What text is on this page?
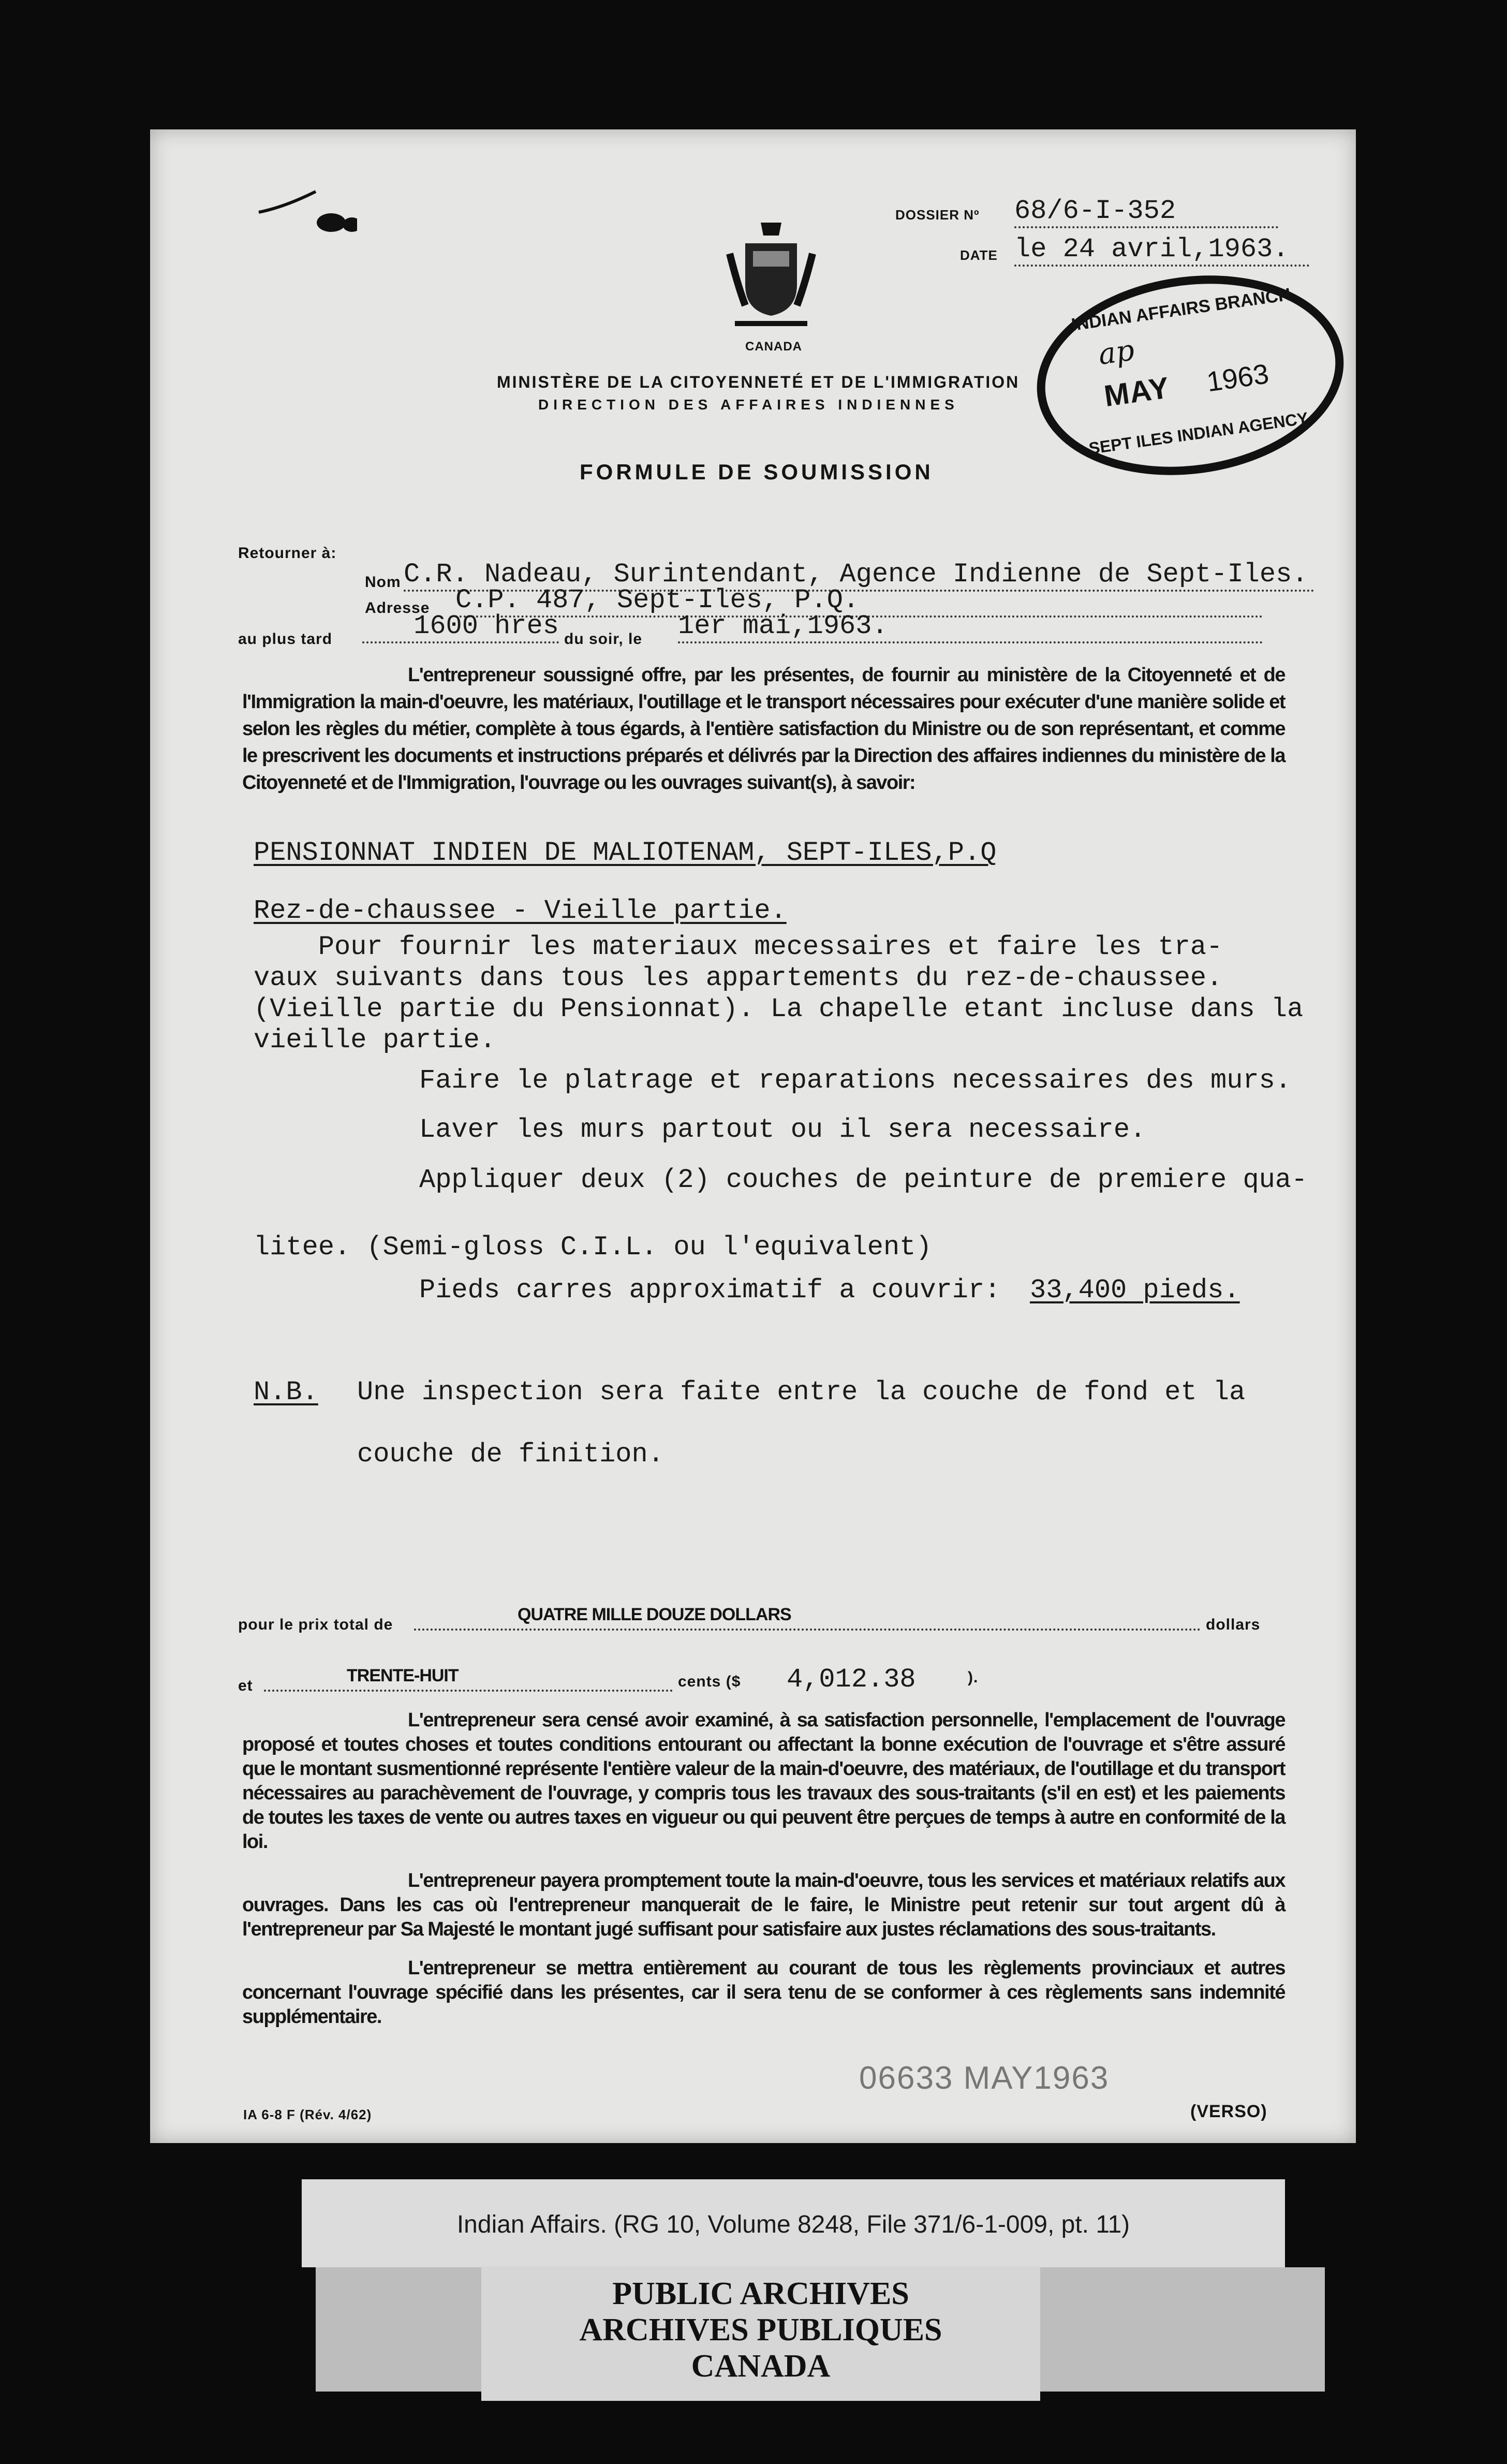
DOSSIER Nº 68/6-I-352
DATE le 24 avril,1963.
CANADA
MINISTÈRE DE LA CITOYENNETÉ ET DE L'IMMIGRATION
DIRECTION DES AFFAIRES INDIENNES
FORMULE DE SOUMISSION
INDIAN AFFAIRS BRANCH
ap
MAY 1963
SEPT ILES INDIAN AGENCY
Retourner à:
Nom C.R. Nadeau, Surintendant, Agence Indienne de Sept-Iles.
Adresse C.P. 487, Sept-Iles, P.Q.
au plus tard	1600 hres du soir, le 1er mai,1963.
L'entrepreneur soussigné offre, par les présentes, de fournir au ministère de la Citoyenneté et de l'Immigration la main-d'oeuvre, les matériaux, l'outillage et le transport nécessaires pour exécuter d'une manière solide et selon les règles du métier, complète à tous égards, à l'entière satisfaction du Ministre ou de son représentant, et comme le prescrivent les documents et instructions préparés et délivrés par la Direction des affaires indiennes du ministère de la Citoyenneté et de l'Immigration, l'ouvrage ou les ouvrages suivant(s), à savoir:
PENSIONNAT INDIEN DE MALIOTENAM, SEPT-ILES,P.Q
Rez-de-chaussee - Vieille partie.
Pour fournir les materiaux mecessaires et faire les tra-
vaux suivants dans tous les appartements du rez-de-chaussee.
(Vieille partie du Pensionnat). La chapelle etant incluse dans la
vieille partie.
Faire le platrage et reparations necessaires des murs.
Laver les murs partout ou il sera necessaire.
Appliquer deux (2) couches de peinture de premiere qua-
litee. (Semi-gloss C.I.L. ou l'equivalent)
Pieds carres approximatif a couvrir: 33,400 pieds.
N.B. Une inspection sera faite entre la couche de fond et la
couche de finition.
pour le prix total de
QUATRE MILLE DOUZE DOLLARS
dollars
et
TRENTE-HUIT	cents ($ 4,012.38	).
L'entrepreneur sera censé avoir examiné, à sa satisfaction personnelle, l'emplacement de l'ouvrage proposé et toutes choses et toutes conditions entourant ou affectant la bonne exécution de l'ouvrage et s'être assuré que le montant susmentionné représente l'entière valeur de la main-d'oeuvre, des matériaux, de l'outillage et du transport nécessaires au parachèvement de l'ouvrage, y compris tous les travaux des sous-traitants (s'il en est) et les paiements de toutes les taxes de vente ou autres taxes en vigueur ou qui peuvent être perçues de temps à autre en conformité de la loi.
L'entrepreneur payera promptement toute la main-d'oeuvre, tous les services et matériaux relatifs aux ouvrages. Dans les cas où l'entrepreneur manquerait de le faire, le Ministre peut retenir sur tout argent dû à l'entrepreneur par Sa Majesté le montant jugé suffisant pour satisfaire aux justes réclamations des sous-traitants.
L'entrepreneur se mettra entièrement au courant de tous les règlements provinciaux et autres concernant l'ouvrage spécifié dans les présentes, car il sera tenu de se conformer à ces règlements sans indemnité supplémentaire.
06633 MAY1963
IA 6-8 F (Rév. 4/62)	(VERSO)
Indian Affairs. (RG 10, Volume 8248, File 371/6-1-009, pt. 11)
PUBLIC ARCHIVES
ARCHIVES PUBLIQUES
CANADA
